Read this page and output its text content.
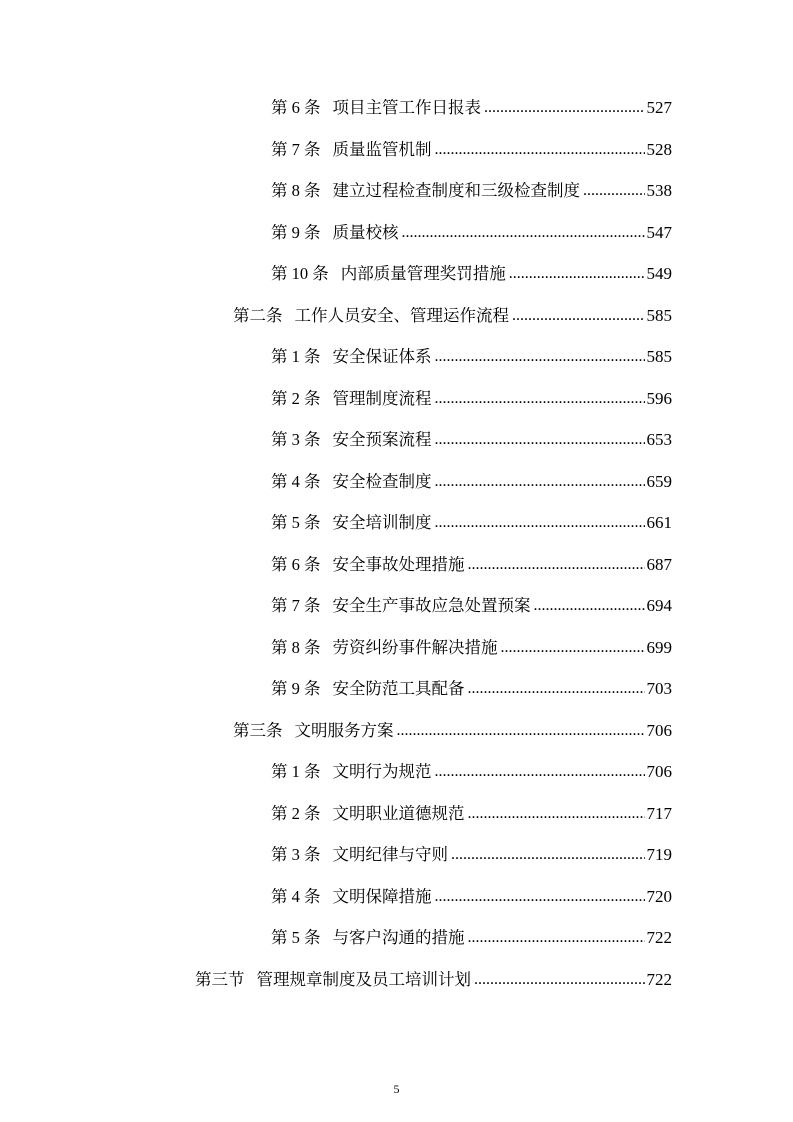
第 6 条 项目主管工作日报表 .....	527
第 7 条 质量监管机制 .....	528
第 8 条 建立过程检查制度和三级检查制度 .....	538
第 9 条 质量校核 .....	547
第 10 条 内部质量管理奖罚措施 .....	549
第二条 工作人员安全、管理运作流程 .....	585
第 1 条 安全保证体系 .....	585
第 2 条 管理制度流程 .....	596
第 3 条 安全预案流程 .....	653
第 4 条 安全检查制度 .....	659
第 5 条 安全培训制度 .....	661
第 6 条 安全事故处理措施 .....	687
第 7 条 安全生产事故应急处置预案 .....	694
第 8 条 劳资纠纷事件解决措施 .....	699
第 9 条 安全防范工具配备 .....	703
第三条 文明服务方案 .....	706
第 1 条 文明行为规范 .....	706
第 2 条 文明职业道德规范 .....	717
第 3 条 文明纪律与守则 .....	719
第 4 条 文明保障措施 .....	720
第 5 条 与客户沟通的措施 .....	722
第三节 管理规章制度及员工培训计划 .....	722
5
